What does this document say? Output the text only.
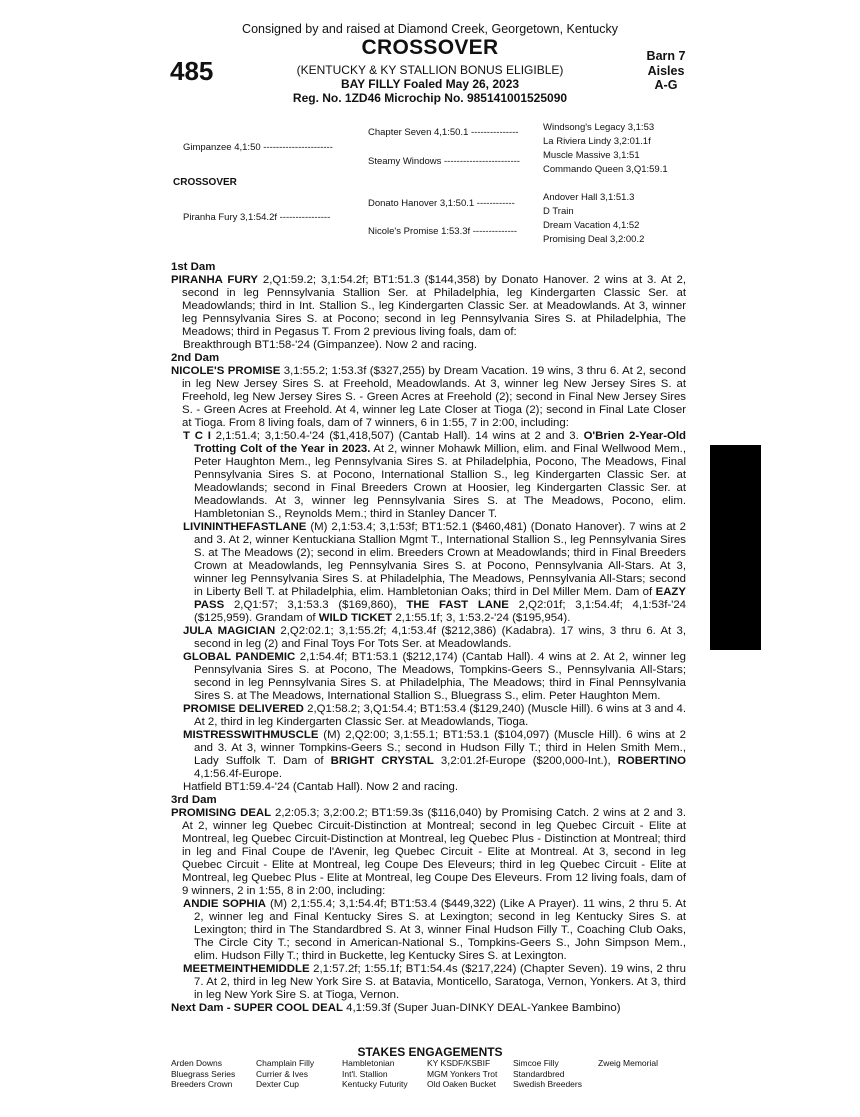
Consigned by and raised at Diamond Creek, Georgetown, Kentucky
485
CROSSOVER
(KENTUCKY & KY STALLION BONUS ELIGIBLE)
BAY FILLY Foaled May 26, 2023
Reg. No. 1ZD46 Microchip No. 985141001525090
Barn 7
Aisles
A-G
Gimpanzee 4,1:50 ----------------------
CROSSOVER
Piranha Fury 3,1:54.2f ----------------
Chapter Seven 4,1:50.1 ---------------
Steamy Windows ------------------------
Donato Hanover 3,1:50.1 ------------
Nicole's Promise 1:53.3f --------------
Windsong's Legacy 3,1:53
La Riviera Lindy 3,2:01.1f
Muscle Massive 3,1:51
Commando Queen 3,Q1:59.1
Andover Hall 3,1:51.3
D Train
Dream Vacation 4,1:52
Promising Deal 3,2:00.2

1st Dam

PIRANHA FURY 2,Q1:59.2; 3,1:54.2f; BT1:51.3 ($144,358) by Donato Hanover. 2 wins at 3. At 2, second in leg Pennsylvania Stallion Ser. at Philadelphia, leg Kindergarten Classic Ser. at Meadowlands; third in Int. Stallion S., leg Kindergarten Classic Ser. at Meadowlands. At 3, winner leg Pennsylvania Sires S. at Pocono; second in leg Pennsylvania Sires S. at Philadelphia, The Meadows; third in Pegasus T. From 2 previous living foals, dam of:

Breakthrough BT1:58-'24 (Gimpanzee). Now 2 and racing.

2nd Dam

NICOLE'S PROMISE 3,1:55.2; 1:53.3f ($327,255) by Dream Vacation. 19 wins, 3 thru 6. At 2, second in leg New Jersey Sires S. at Freehold, Meadowlands. At 3, winner leg New Jersey Sires S. at Freehold, leg New Jersey Sires S. - Green Acres at Freehold (2); second in Final New Jersey Sires S. - Green Acres at Freehold. At 4, winner leg Late Closer at Tioga (2); second in Final Late Closer at Tioga. From 8 living foals, dam of 7 winners, 6 in 1:55, 7 in 2:00, including:

T C I 2,1:51.4; 3,1:50.4-'24 ($1,418,507) (Cantab Hall). 14 wins at 2 and 3. O'Brien 2-Year-Old Trotting Colt of the Year in 2023. At 2, winner Mohawk Million, elim. and Final Wellwood Mem., Peter Haughton Mem., leg Pennsylvania Sires S. at Philadelphia, Pocono, The Meadows, Final Pennsylvania Sires S. at Pocono, International Stallion S., leg Kindergarten Classic Ser. at Meadowlands; second in Final Breeders Crown at Hoosier, leg Kindergarten Classic Ser. at Meadowlands. At 3, winner leg Pennsylvania Sires S. at The Meadows, Pocono, elim. Hambletonian S., Reynolds Mem.; third in Stanley Dancer T.

LIVININTHEFASTLANE (M) 2,1:53.4; 3,1:53f; BT1:52.1 ($460,481) (Donato Hanover). 7 wins at 2 and 3. At 2, winner Kentuckiana Stallion Mgmt T., International Stallion S., leg Pennsylvania Sires S. at The Meadows (2); second in elim. Breeders Crown at Meadowlands; third in Final Breeders Crown at Meadowlands, leg Pennsylvania Sires S. at Pocono, Pennsylvania All-Stars. At 3, winner leg Pennsylvania Sires S. at Philadelphia, The Meadows, Pennsylvania All-Stars; second in Liberty Bell T. at Philadelphia, elim. Hambletonian Oaks; third in Del Miller Mem. Dam of EAZY PASS 2,Q1:57; 3,1:53.3 ($169,860), THE FAST LANE 2,Q2:01f; 3,1:54.4f; 4,1:53f-'24 ($125,959). Grandam of WILD TICKET 2,1:55.1f; 3, 1:53.2-'24 ($195,954).

JULA MAGICIAN 2,Q2:02.1; 3,1:55.2f; 4,1:53.4f ($212,386) (Kadabra). 17 wins, 3 thru 6. At 3, second in leg (2) and Final Toys For Tots Ser. at Meadowlands.

GLOBAL PANDEMIC 2,1:54.4f; BT1:53.1 ($212,174) (Cantab Hall). 4 wins at 2. At 2, winner leg Pennsylvania Sires S. at Pocono, The Meadows, Tompkins-Geers S., Pennsylvania All-Stars; second in leg Pennsylvania Sires S. at Philadelphia, The Meadows; third in Final Pennsylvania Sires S. at The Meadows, International Stallion S., Bluegrass S., elim. Peter Haughton Mem.

PROMISE DELIVERED 2,Q1:58.2; 3,Q1:54.4; BT1:53.4 ($129,240) (Muscle Hill). 6 wins at 3 and 4. At 2, third in leg Kindergarten Classic Ser. at Meadowlands, Tioga.

MISTRESSWITHMUSCLE (M) 2,Q2:00; 3,1:55.1; BT1:53.1 ($104,097) (Muscle Hill). 6 wins at 2 and 3. At 3, winner Tompkins-Geers S.; second in Hudson Filly T.; third in Helen Smith Mem., Lady Suffolk T. Dam of BRIGHT CRYSTAL 3,2:01.2f-Europe ($200,000-Int.), ROBERTINO 4,1:56.4f-Europe.

Hatfield BT1:59.4-'24 (Cantab Hall). Now 2 and racing.

3rd Dam

PROMISING DEAL 2,2:05.3; 3,2:00.2; BT1:59.3s ($116,040) by Promising Catch. 2 wins at 2 and 3. At 2, winner leg Quebec Circuit-Distinction at Montreal; second in leg Quebec Circuit - Elite at Montreal, leg Quebec Circuit-Distinction at Montreal, leg Quebec Plus - Distinction at Montreal; third in leg and Final Coupe de l'Avenir, leg Quebec Circuit - Elite at Montreal. At 3, second in leg Quebec Circuit - Elite at Montreal, leg Coupe Des Eleveurs; third in leg Quebec Circuit - Elite at Montreal, leg Quebec Plus - Elite at Montreal, leg Coupe Des Eleveurs. From 12 living foals, dam of 9 winners, 2 in 1:55, 8 in 2:00, including:

ANDIE SOPHIA (M) 2,1:55.4; 3,1:54.4f; BT1:53.4 ($449,322) (Like A Prayer). 11 wins, 2 thru 5. At 2, winner leg and Final Kentucky Sires S. at Lexington; second in leg Kentucky Sires S. at Lexington; third in The Standardbred S. At 3, winner Final Hudson Filly T., Coaching Club Oaks, The Circle City T.; second in American-National S., Tompkins-Geers S., John Simpson Mem., elim. Hudson Filly T.; third in Buckette, leg Kentucky Sires S. at Lexington.

MEETMEINTHEMIDDLE 2,1:57.2f; 1:55.1f; BT1:54.4s ($217,224) (Chapter Seven). 19 wins, 2 thru 7. At 2, third in leg New York Sire S. at Batavia, Monticello, Saratoga, Vernon, Yonkers. At 3, third in leg New York Sire S. at Tioga, Vernon.

Next Dam - SUPER COOL DEAL 4,1:59.3f (Super Juan-DINKY DEAL-Yankee Bambino)

STAKES ENGAGEMENTS
Arden Downs
Bluegrass Series
Breeders Crown
Champlain Filly
Currier & Ives
Dexter Cup
Hambletonian
Int'l. Stallion
Kentucky Futurity
KY KSDF/KSBIF
MGM Yonkers Trot
Old Oaken Bucket
Simcoe Filly
Standardbred
Swedish Breeders
Zweig Memorial
